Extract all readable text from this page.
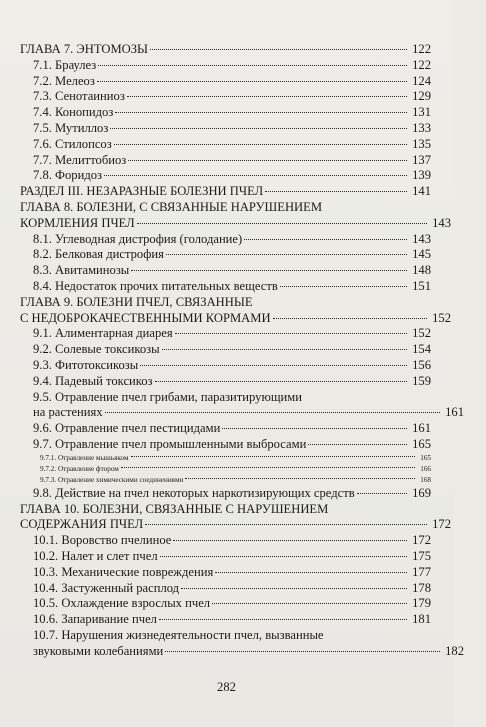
ГЛАВА 7. ЭНТОМОЗЫ	122
7.1. Браулез	122
7.2. Мелеоз	124
7.3. Сенотаиниоз	129
7.4. Конопидоз	131
7.5. Мутиллоз	133
7.6. Стилопсоз	135
7.7. Мелиттобиоз	137
7.8. Форидоз	139
РАЗДЕЛ III. НЕЗАРАЗНЫЕ БОЛЕЗНИ ПЧЕЛ	141
ГЛАВА 8. БОЛЕЗНИ, С СВЯЗАННЫЕ НАРУШЕНИЕМ
КОРМЛЕНИЯ ПЧЕЛ	143
8.1. Углеводная дистрофия (голодание)	143
8.2. Белковая дистрофия	145
8.3. Авитаминозы	148
8.4. Недостаток прочих питательных веществ	151
ГЛАВА 9. БОЛЕЗНИ ПЧЕЛ, СВЯЗАННЫЕ
С НЕДОБРОКАЧЕСТВЕННЫМИ КОРМАМИ	152
9.1. Алиментарная диарея	152
9.2. Солевые токсикозы	154
9.3. Фитотоксикозы	156
9.4. Падевый токсикоз	159
9.5. Отравление пчел грибами, паразитирующими
на растениях	161
9.6. Отравление пчел пестицидами	161
9.7. Отравление пчел промышленными выбросами	165
9.7.1. Отравление мышьяком	165
9.7.2. Отравление фтором	166
9.7.3. Отравление химическими соединениями	168
9.8. Действие на пчел некоторых наркотизирующих средств	169
ГЛАВА 10. БОЛЕЗНИ, СВЯЗАННЫЕ С НАРУШЕНИЕМ
СОДЕРЖАНИЯ ПЧЕЛ	172
10.1. Воровство пчелиное	172
10.2. Налет и слет пчел	175
10.3. Механические повреждения	177
10.4. Застуженный расплод	178
10.5. Охлаждение взрослых пчел	179
10.6. Запаривание пчел	181
10.7. Нарушения жизнедеятельности пчел, вызванные
звуковыми колебаниями	182
282
